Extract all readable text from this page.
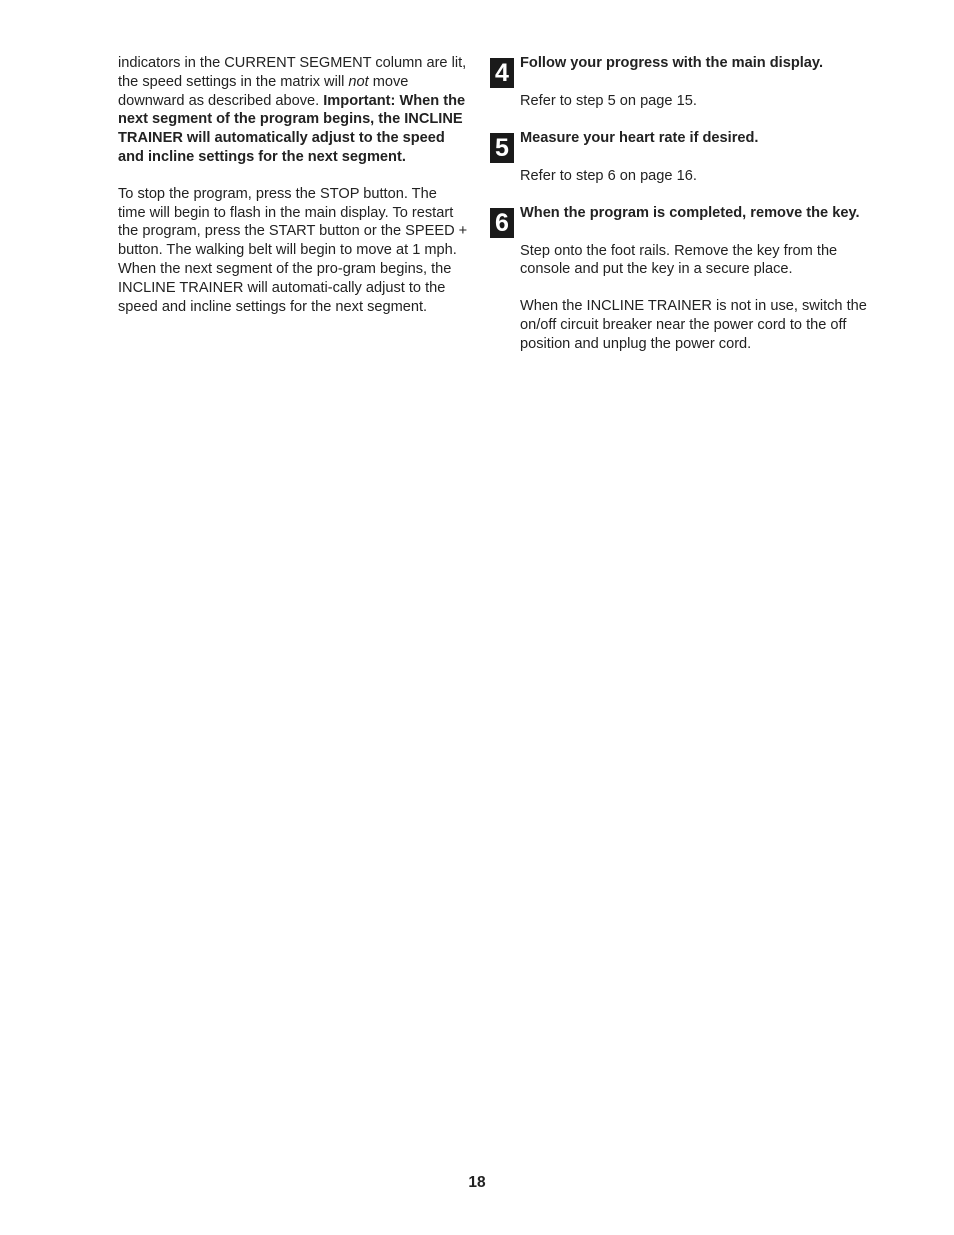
indicators in the CURRENT SEGMENT column are lit, the speed settings in the matrix will not move downward as described above. Important: When the next segment of the program begins, the INCLINE TRAINER will automatically adjust to the speed and incline settings for the next segment.

To stop the program, press the STOP button. The time will begin to flash in the main display. To restart the program, press the START button or the SPEED + button. The walking belt will begin to move at 1 mph. When the next segment of the pro-gram begins, the INCLINE TRAINER will automati-cally adjust to the speed and incline settings for the next segment.

4 Follow your progress with the main display.

Refer to step 5 on page 15.

5 Measure your heart rate if desired.

Refer to step 6 on page 16.

6 When the program is completed, remove the key.

Step onto the foot rails. Remove the key from the console and put the key in a secure place.

When the INCLINE TRAINER is not in use, switch the on/off circuit breaker near the power cord to the off position and unplug the power cord.

18
